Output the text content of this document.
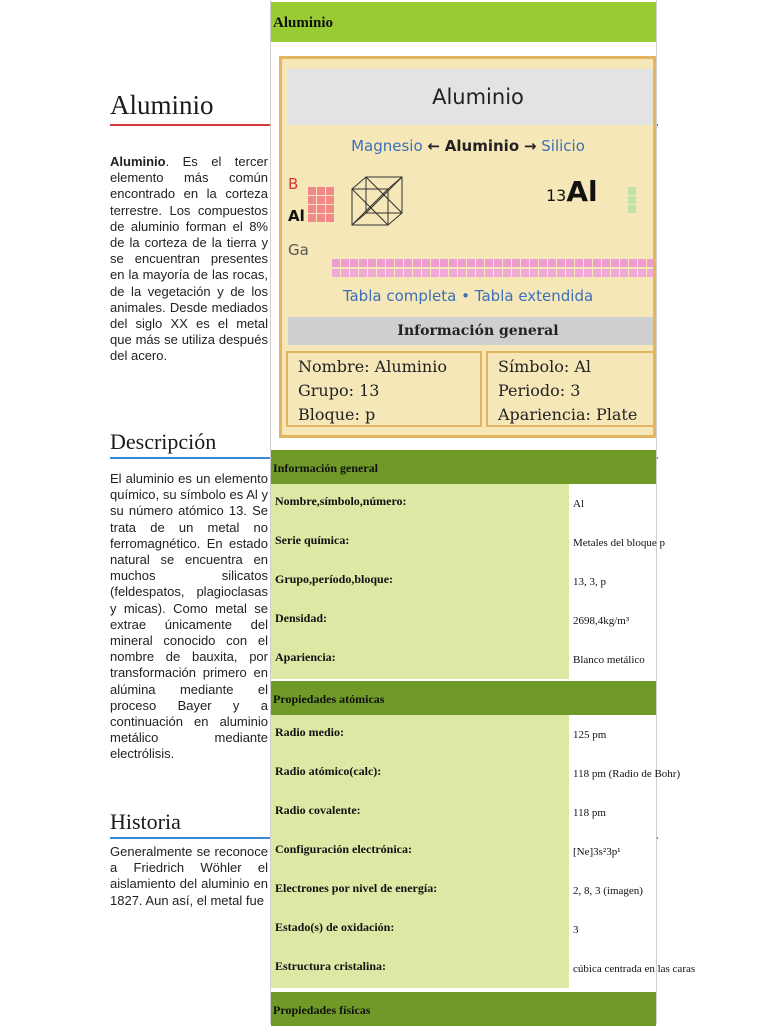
Aluminio
Aluminio. Es el tercer elemento más común encontrado en la corteza terrestre. Los compuestos de aluminio forman el 8% de la corteza de la tierra y se encuentran presentes en la mayoría de las rocas, de la vegetación y de los animales. Desde mediados del siglo XX es el metal que más se utiliza después del acero.
Descripción
El aluminio es un elemento químico, su símbolo es Al y su número atómico 13. Se trata de un metal no ferromagnético. En estado natural se encuentra en muchos silicatos (feldespatos, plagioclasas y micas). Como metal se extrae únicamente del mineral conocido con el nombre de bauxita, por transformación primero en alúmina mediante el proceso Bayer y a continuación en aluminio metálico mediante electrólisis.
Historia
Generalmente se reconoce a Friedrich Wöhler el aislamiento del aluminio en 1827. Aun así, el metal fue
Aluminio
Aluminio
Magnesio ← Aluminio → Silicio
B
Al
Ga
13Al
Tabla completa • Tabla extendida
Información general
Nombre: Aluminio
Grupo: 13
Bloque: p
Símbolo: Al
Periodo: 3
Apariencia: Plate
Información general
Nombre,símbolo,número:	Al
Serie química:	Metales del bloque p
Grupo,período,bloque:	13, 3, p
Densidad:	2698,4kg/m³
Apariencia:	Blanco metálico
Propiedades atómicas
Radio medio:	125 pm
Radio atómico(calc):	118 pm (Radio de Bohr)
Radio covalente:	118 pm
Configuración electrónica:	[Ne]3s²3p¹
Electrones por nivel de energía:	2, 8, 3 (imagen)
Estado(s) de oxidación:	3
Estructura cristalina:	cúbica centrada en las caras
Propiedades físicas
